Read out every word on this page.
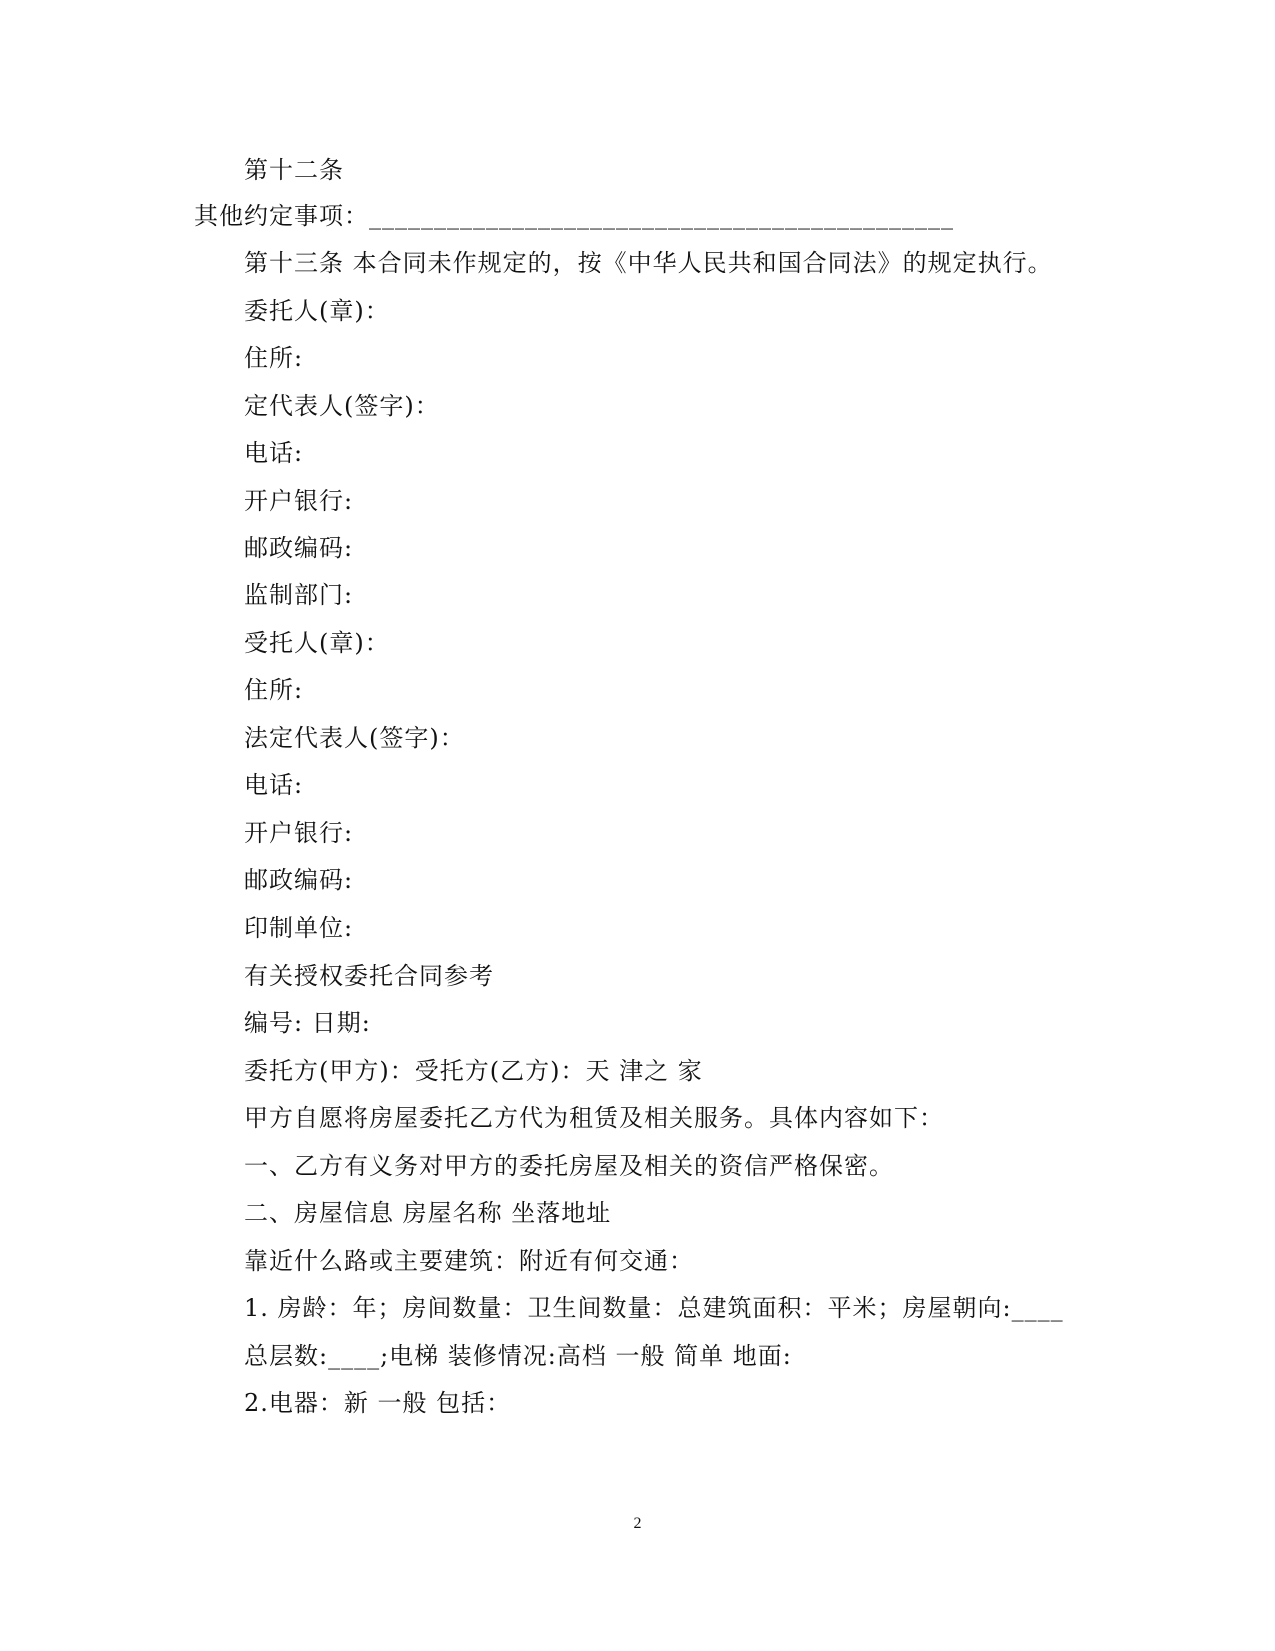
第十二条
其他约定事项：_____________________________________________
第十三条 本合同未作规定的，按《中华人民共和国合同法》的规定执行。
委托人(章)：
住所:
定代表人(签字)：
电话:
开户银行:
邮政编码:
监制部门:
受托人(章)：
住所:
法定代表人(签字)：
电话:
开户银行:
邮政编码:
印制单位:
有关授权委托合同参考
编号: 日期:
委托方(甲方)：受托方(乙方)：天 津之 家
甲方自愿将房屋委托乙方代为租赁及相关服务。具体内容如下：
一、乙方有义务对甲方的委托房屋及相关的资信严格保密。
二、房屋信息 房屋名称 坐落地址
靠近什么路或主要建筑：附近有何交通：
1. 房龄：年；房间数量：卫生间数量：总建筑面积：平米；房屋朝向:____
总层数:____;电梯 装修情况:高档 一般 简单 地面:
2.电器：新 一般 包括：
2
